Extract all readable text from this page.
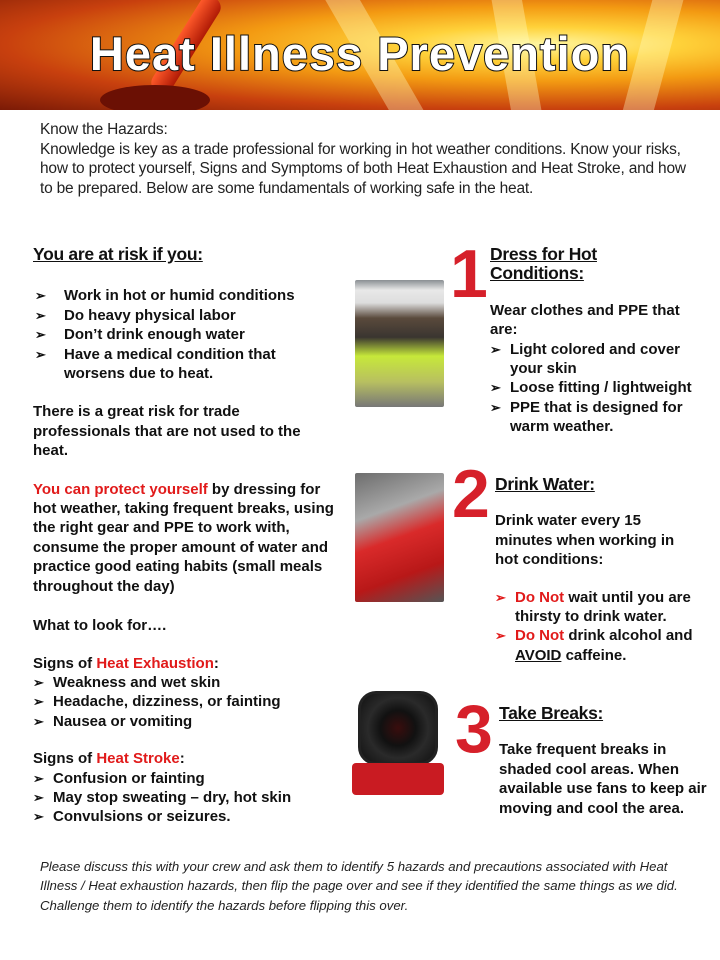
Heat Illness Prevention
Know the Hazards:
Knowledge is key as a trade professional for working in hot weather conditions. Know your risks, how to protect yourself, Signs and Symptoms of both Heat Exhaustion and Heat Stroke, and how to be prepared. Below are some fundamentals of working safe in the heat.
You are at risk if you:
➢ Work in hot or humid conditions
➢ Do heavy physical labor
➢ Don’t drink enough water
➢ Have a medical condition that worsens due to heat.
There is a great risk for trade professionals that are not used to the heat.
You can protect yourself by dressing for hot weather, taking frequent breaks, using the right gear and PPE to work with, consume the proper amount of water and practice good eating habits (small meals throughout the day)
What to look for….
Signs of Heat Exhaustion:
➢ Weakness and wet skin
➢ Headache, dizziness, or fainting
➢ Nausea or vomiting
Signs of Heat Stroke:
➢ Confusion or fainting
➢ May stop sweating – dry, hot skin
➢ Convulsions or seizures.
1 Dress for Hot Conditions:
Wear clothes and PPE that are:
➢ Light colored and cover your skin
➢ Loose fitting / lightweight
➢ PPE that is designed for warm weather.
2 Drink Water:
Drink water every 15 minutes when working in hot conditions:
➢ Do Not wait until you are thirsty to drink water.
➢ Do Not drink alcohol and AVOID caffeine.
3 Take Breaks:
Take frequent breaks in shaded cool areas. When available use fans to keep air moving and cool the area.
Please discuss this with your crew and ask them to identify 5 hazards and precautions associated with Heat Illness / Heat exhaustion hazards, then flip the page over and see if they identified the same things as we did. Challenge them to identify the hazards before flipping this over.
